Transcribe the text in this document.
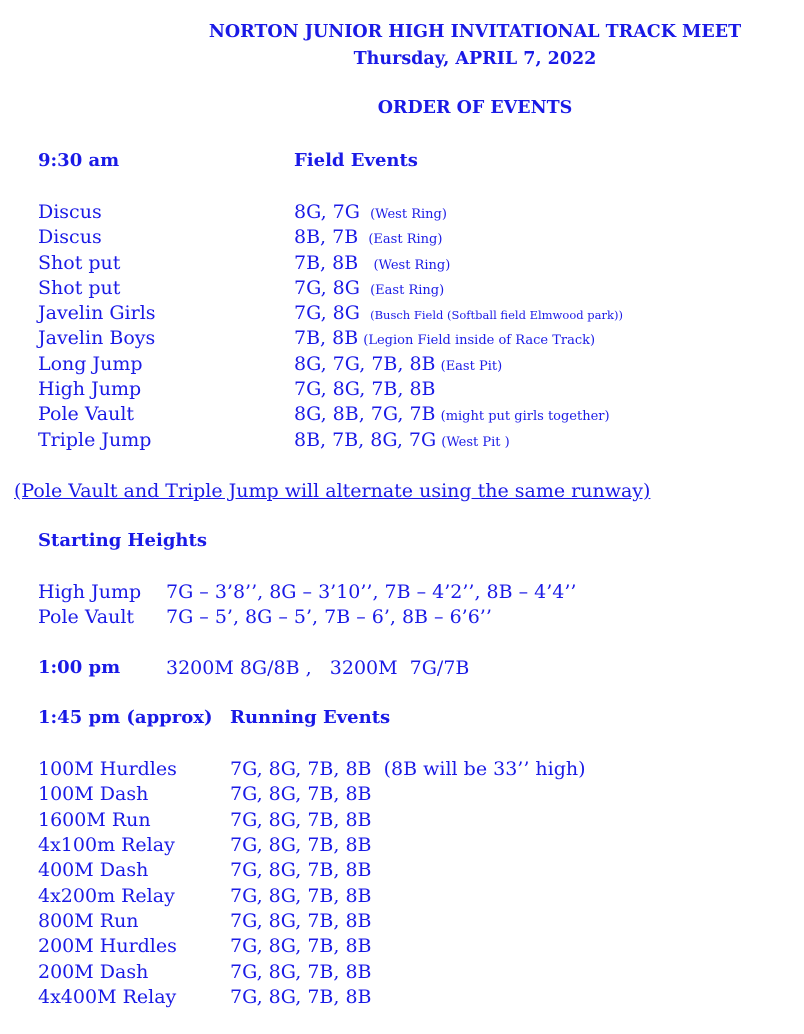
NORTON JUNIOR HIGH INVITATIONAL TRACK MEET
Thursday, APRIL 7, 2022
ORDER OF EVENTS
9:30 am	Field Events
Discus	8G, 7G (West Ring)
Discus	8B, 7B (East Ring)
Shot put	7B, 8B (West Ring)
Shot put	7G, 8G (East Ring)
Javelin Girls	7G, 8G (Busch Field (Softball field Elmwood park))
Javelin Boys	7B, 8B (Legion Field inside of Race Track)
Long Jump	8G, 7G, 7B, 8B (East Pit)
High Jump	7G, 8G, 7B, 8B
Pole Vault	8G, 8B, 7G, 7B (might put girls together)
Triple Jump	8B, 7B, 8G, 7G (West Pit )
(Pole Vault and Triple Jump will alternate using the same runway)
Starting Heights
High Jump 7G – 3’8’’, 8G – 3’10’’, 7B – 4’2’’, 8B – 4’4’’
Pole Vault 7G – 5’, 8G – 5’, 7B – 6’, 8B – 6’6’’
1:00 pm 3200M 8G/8B ,   3200M  7G/7B
1:45 pm (approx) Running Events
100M Hurdles	7G, 8G, 7B, 8B (8B will be 33’’ high)
100M Dash	7G, 8G, 7B, 8B
1600M Run	7G, 8G, 7B, 8B
4x100m Relay	7G, 8G, 7B, 8B
400M Dash	7G, 8G, 7B, 8B
4x200m Relay	7G, 8G, 7B, 8B
800M Run	7G, 8G, 7B, 8B
200M Hurdles	7G, 8G, 7B, 8B
200M Dash	7G, 8G, 7B, 8B
4x400M Relay	7G, 8G, 7B, 8B
